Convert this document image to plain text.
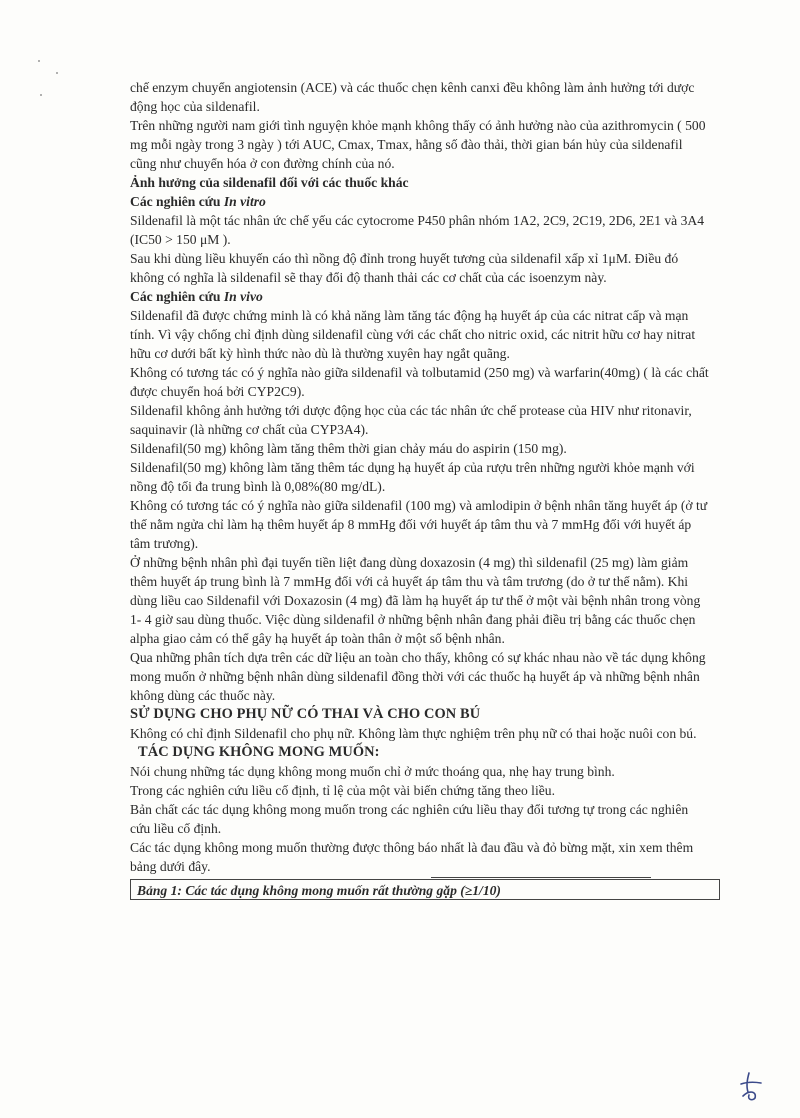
chế enzym chuyển angiotensin (ACE) và các thuốc chẹn kênh canxi đều không làm ảnh hưởng tới dược động học của sildenafil.

Trên những người nam giới tình nguyện khỏe mạnh không thấy có ảnh hưởng nào của azithromycin ( 500 mg mỗi ngày trong 3 ngày ) tới AUC, Cmax, Tmax, hằng số đào thải, thời gian bán hủy của sildenafil cũng như chuyển hóa ở con đường chính của nó.

Ảnh hưởng của sildenafil đối với các thuốc khác
Các nghiên cứu In vitro

Sildenafil là một tác nhân ức chế yếu các cytocrome P450 phân nhóm 1A2, 2C9, 2C19, 2D6, 2E1 và 3A4 (IC50 > 150 μM ).

Sau khi dùng liều khuyến cáo thì nồng độ đỉnh trong huyết tương của sildenafil xấp xỉ 1μM. Điều đó không có nghĩa là sildenafil sẽ thay đổi độ thanh thải các cơ chất của các isoenzym này.

Các nghiên cứu In vivo

Sildenafil đã được chứng minh là có khả năng làm tăng tác động hạ huyết áp của các nitrat cấp và mạn tính. Vì vậy chống chỉ định dùng sildenafil cùng với các chất cho nitric oxid, các nitrit hữu cơ hay nitrat hữu cơ dưới bất kỳ hình thức nào dù là thường xuyên hay ngắt quãng.

Không có tương tác có ý nghĩa nào giữa sildenafil và tolbutamid (250 mg) và warfarin(40mg) ( là các chất được chuyển hoá bởi CYP2C9).

Sildenafil không ảnh hưởng tới dược động học của các tác nhân ức chế protease của HIV như ritonavir, saquinavir (là những cơ chất của CYP3A4).

Sildenafil(50 mg) không làm tăng thêm thời gian chảy máu do aspirin (150 mg).

Sildenafil(50 mg) không làm tăng thêm tác dụng hạ huyết áp của rượu trên những người khỏe mạnh với nồng độ tối đa trung bình là 0,08%(80 mg/dL).

Không có tương tác có ý nghĩa nào giữa sildenafil (100 mg) và amlodipin ở bệnh nhân tăng huyết áp (ở tư thế nằm ngửa chỉ làm hạ thêm huyết áp 8 mmHg đối với huyết áp tâm thu và 7 mmHg đối với huyết áp tâm trương).

Ở những bệnh nhân phì đại tuyến tiền liệt đang dùng doxazosin (4 mg) thì sildenafil (25 mg) làm giảm thêm huyết áp trung bình là 7 mmHg đối với cả huyết áp tâm thu và tâm trương (do ở tư thế nằm). Khi dùng liều cao Sildenafil với Doxazosin (4 mg) đã làm hạ huyết áp tư thế ở một vài bệnh nhân trong vòng 1- 4 giờ sau dùng thuốc. Việc dùng sildenafil ở những bệnh nhân đang phải điều trị bằng các thuốc chẹn alpha giao cảm có thể gây hạ huyết áp toàn thân ở một số bệnh nhân.

Qua những phân tích dựa trên các dữ liệu an toàn cho thấy, không có sự khác nhau nào về tác dụng không mong muốn ở những bệnh nhân dùng sildenafil đồng thời với các thuốc hạ huyết áp và những bệnh nhân không dùng các thuốc này.

SỬ DỤNG CHO PHỤ NỮ CÓ THAI VÀ CHO CON BÚ

Không có chỉ định Sildenafil cho phụ nữ. Không làm thực nghiệm trên phụ nữ có thai hoặc nuôi con bú.

TÁC DỤNG KHÔNG MONG MUỐN:

Nói chung những tác dụng không mong muốn chỉ ở mức thoáng qua, nhẹ hay trung bình.

Trong các nghiên cứu liều cố định, tỉ lệ của một vài biến chứng tăng theo liều.

Bản chất các tác dụng không mong muốn trong các nghiên cứu liều thay đổi tương tự trong các nghiên cứu liều cố định.

Các tác dụng không mong muốn thường được thông báo nhất là đau đầu và đỏ bừng mặt, xin xem thêm bảng dưới đây.

Bảng 1: Các tác dụng không mong muốn rất thường gặp (≥1/10)
